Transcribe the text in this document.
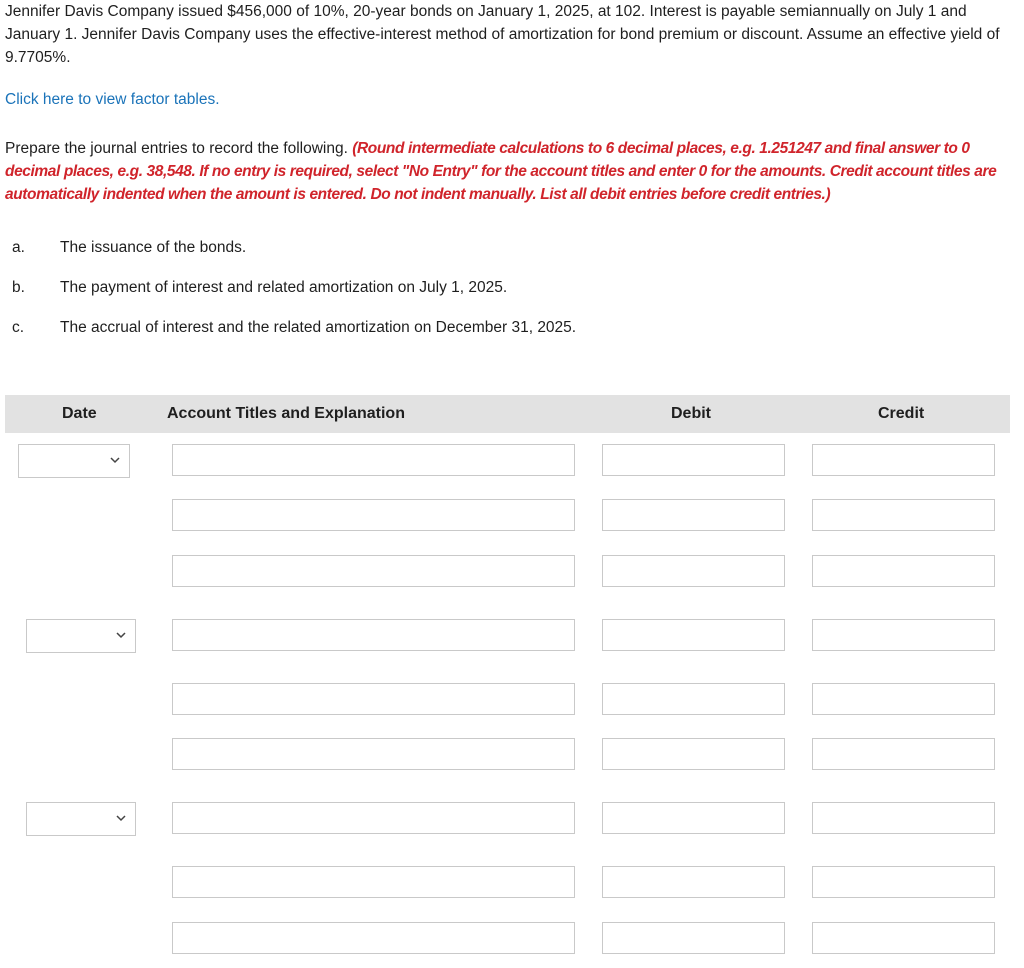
Jennifer Davis Company issued $456,000 of 10%, 20-year bonds on January 1, 2025, at 102. Interest is payable semiannually on July 1 and January 1. Jennifer Davis Company uses the effective-interest method of amortization for bond premium or discount. Assume an effective yield of 9.7705%.
Click here to view factor tables.
Prepare the journal entries to record the following. (Round intermediate calculations to 6 decimal places, e.g. 1.251247 and final answer to 0 decimal places, e.g. 38,548. If no entry is required, select "No Entry" for the account titles and enter 0 for the amounts. Credit account titles are automatically indented when the amount is entered. Do not indent manually. List all debit entries before credit entries.)
a. The issuance of the bonds.
b. The payment of interest and related amortization on July 1, 2025.
c. The accrual of interest and the related amortization on December 31, 2025.
Date	Account Titles and Explanation	Debit	Credit
